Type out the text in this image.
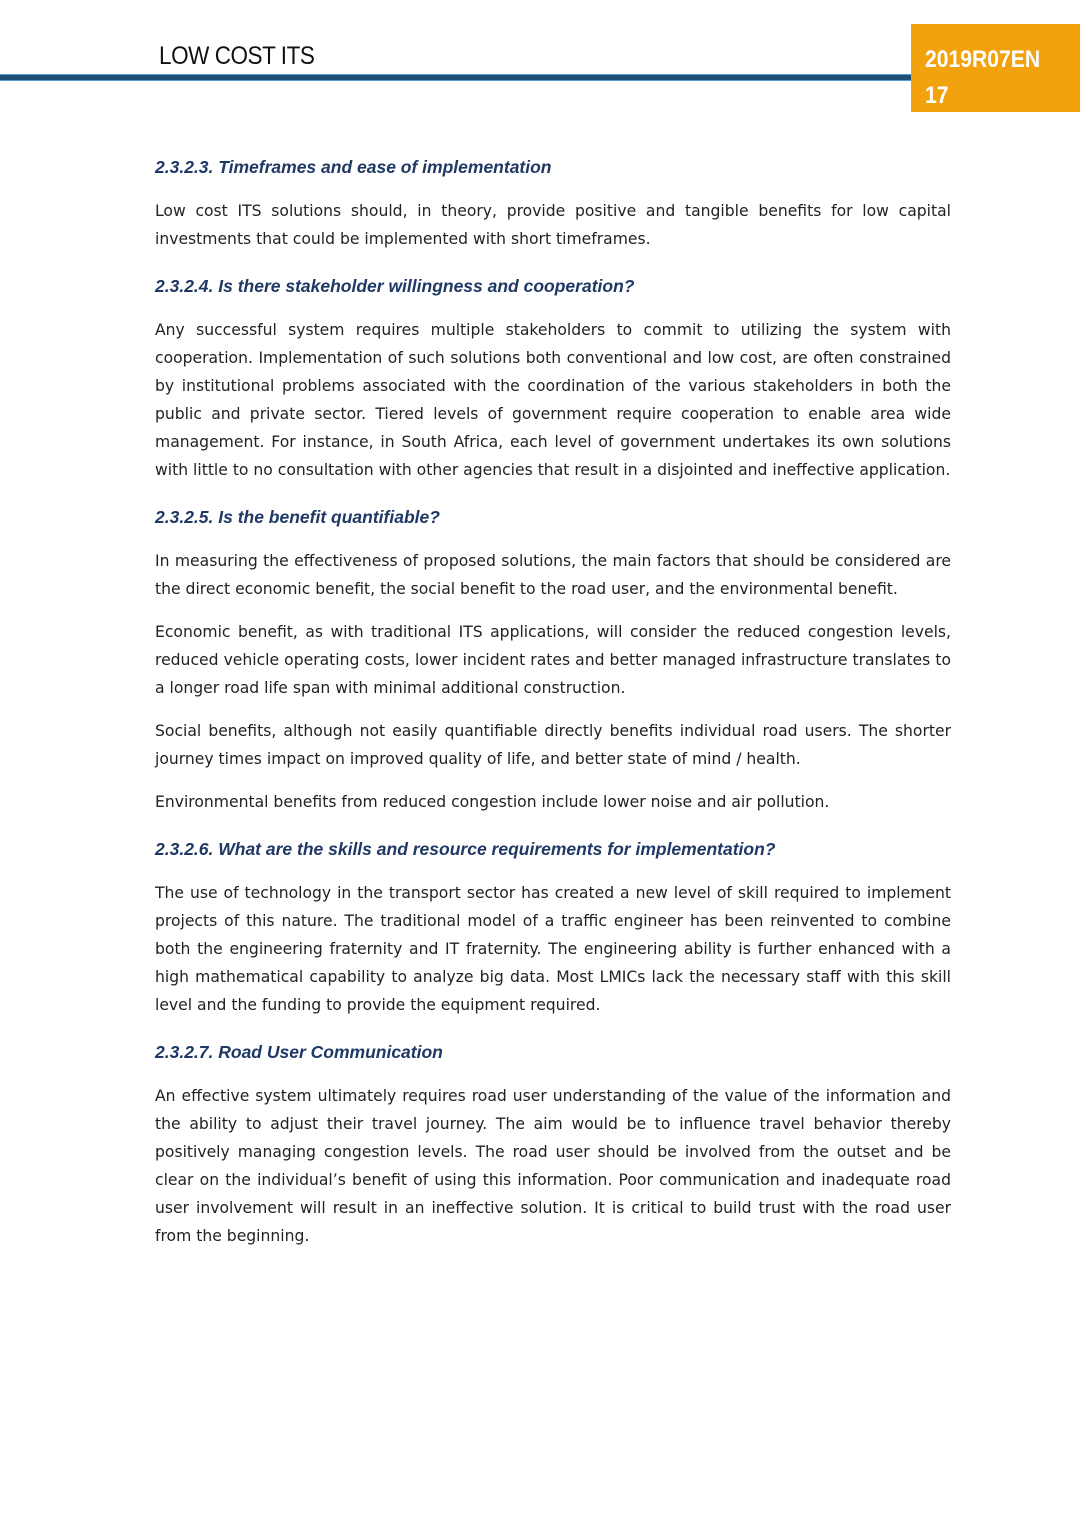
LOW COST ITS	2019R07EN
17
2.3.2.3. Timeframes and ease of implementation

Low cost ITS solutions should, in theory, provide positive and tangible benefits for low capital investments that could be implemented with short timeframes.

2.3.2.4. Is there stakeholder willingness and cooperation?

Any successful system requires multiple stakeholders to commit to utilizing the system with cooperation. Implementation of such solutions both conventional and low cost, are often constrained by institutional problems associated with the coordination of the various stakeholders in both the public and private sector. Tiered levels of government require cooperation to enable area wide management. For instance, in South Africa, each level of government undertakes its own solutions with little to no consultation with other agencies that result in a disjointed and ineffective application.

2.3.2.5. Is the benefit quantifiable?

In measuring the effectiveness of proposed solutions, the main factors that should be considered are the direct economic benefit, the social benefit to the road user, and the environmental benefit.

Economic benefit, as with traditional ITS applications, will consider the reduced congestion levels, reduced vehicle operating costs, lower incident rates and better managed infrastructure translates to a longer road life span with minimal additional construction.

Social benefits, although not easily quantifiable directly benefits individual road users. The shorter journey times impact on improved quality of life, and better state of mind / health.

Environmental benefits from reduced congestion include lower noise and air pollution.

2.3.2.6. What are the skills and resource requirements for implementation?

The use of technology in the transport sector has created a new level of skill required to implement projects of this nature. The traditional model of a traffic engineer has been reinvented to combine both the engineering fraternity and IT fraternity. The engineering ability is further enhanced with a high mathematical capability to analyze big data. Most LMICs lack the necessary staff with this skill level and the funding to provide the equipment required.

2.3.2.7. Road User Communication

An effective system ultimately requires road user understanding of the value of the information and the ability to adjust their travel journey. The aim would be to influence travel behavior thereby positively managing congestion levels. The road user should be involved from the outset and be clear on the individual’s benefit of using this information. Poor communication and inadequate road user involvement will result in an ineffective solution. It is critical to build trust with the road user from the beginning.
